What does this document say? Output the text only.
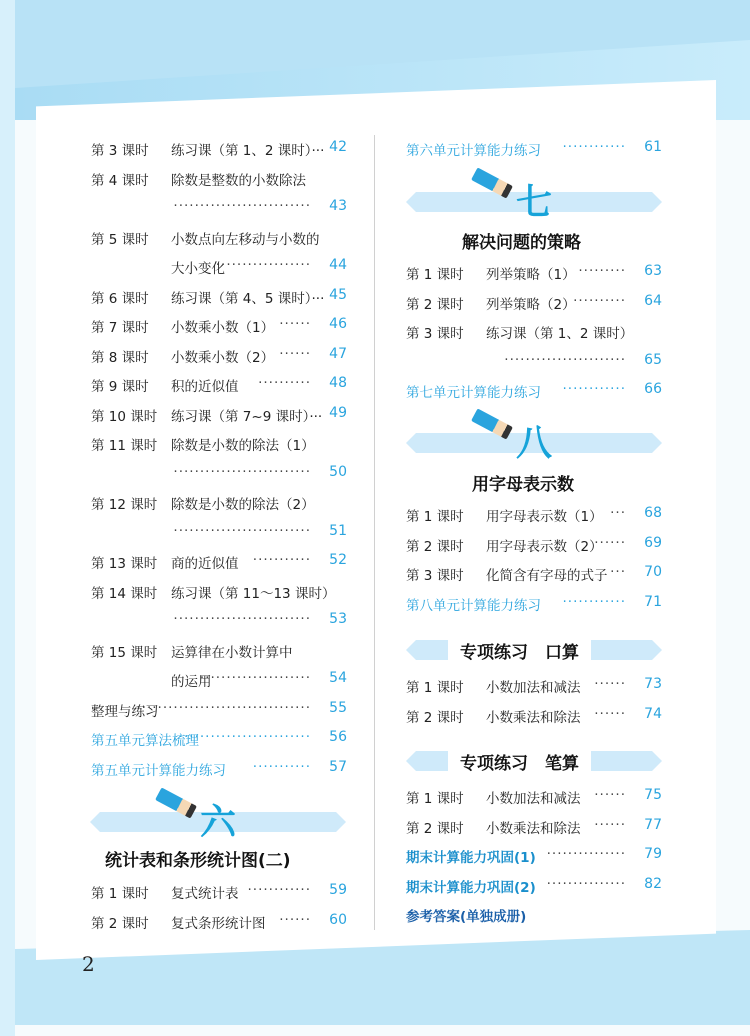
第 3 课时 练习课（第 1、2 课时）··· 42
第 4 课时 除数是整数的小数除法
·························· 43
第 5 课时 小数点向左移动与小数的
大小变化
·················· 44
第 6 课时 练习课（第 4、5 课时）··· 45
第 7 课时 小数乘小数（1） ······ 46
第 8 课时 小数乘小数（2） ······ 47
第 9 课时 积的近似值 ·········· 48
第 10 课时 练习课（第 7~9 课时）··· 49
第 11 课时 除数是小数的除法（1）
·························· 50
第 12 课时 除数是小数的除法（2）
·························· 51
第 13 课时 商的近似值 ··········· 52
第 14 课时 练习课（第 11～13 课时）
·························· 53
第 15 课时 运算律在小数计算中
的运用
····················· 54
整理与练习
································· 55
第五单元算法梳理
························· 56
第五单元计算能力练习 ··········· 57
六
统计表和条形统计图(二)
第 1 课时 复式统计表 ············ 59
第 2 课时 复式条形统计图 ······ 60
第六单元计算能力练习 ············ 61
七
解决问题的策略
第 1 课时 列举策略（1） ········· 63
第 2 课时 列举策略（2）
·········· 64
第 3 课时 练习课（第 1、2 课时）
······················· 65
第七单元计算能力练习 ············ 66
八
用字母表示数
第 1 课时 用字母表示数（1） ··· 68
第 2 课时 用字母表示数（2）
······ 69
第 3 课时 化简含有字母的式子 ··· 70
第八单元计算能力练习 ············ 71
专项练习　口算
第 1 课时 小数加法和减法 ······ 73
第 2 课时 小数乘法和除法 ······ 74
专项练习　笔算
第 1 课时 小数加法和减法 ······ 75
第 2 课时 小数乘法和除法 ······ 77
期末计算能力巩固(1) ··············· 79
期末计算能力巩固(2) ··············· 82
参考答案(单独成册)
2
